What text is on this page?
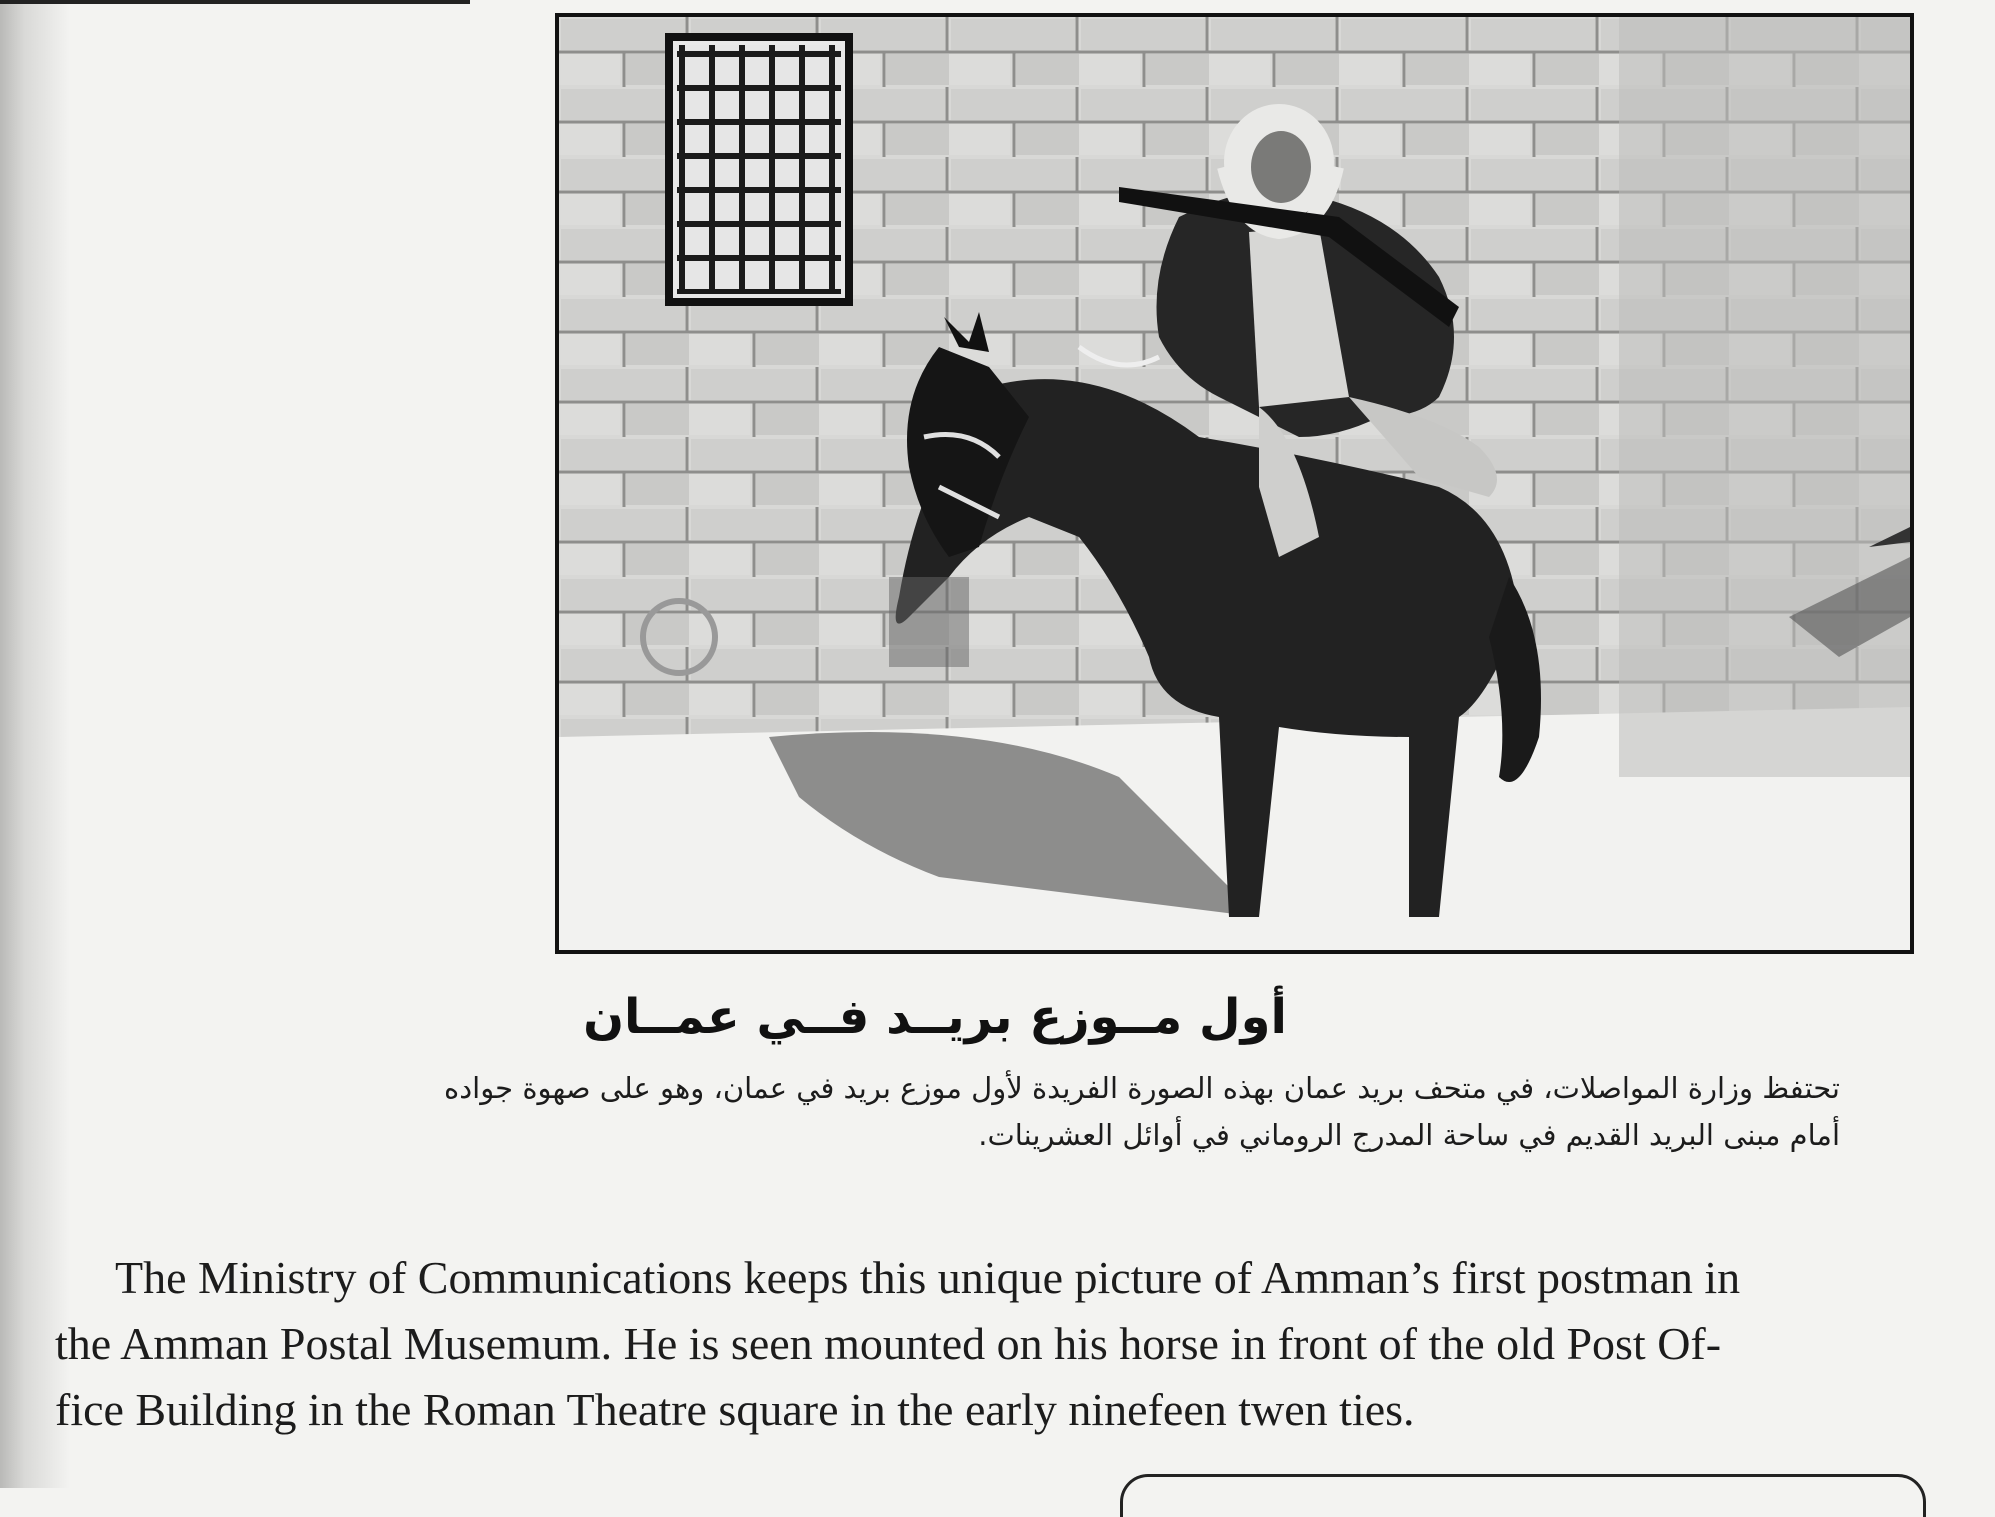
أول مــوزع بريــد فــي عمــان

تحتفظ وزارة المواصلات، في متحف بريد عمان بهذه الصورة الفريدة لأول موزع بريد في عمان، وهو على صهوة جواده

أمام مبنى البريد القديم في ساحة المدرج الروماني في أوائل العشرينات.

The Ministry of Communications keeps this unique picture of Amman’s first postman in

the Amman Postal Musemum. He is seen mounted on his horse in front of the old Post Of-

fice Building in the Roman Theatre square in the early ninefeen twen ties.
